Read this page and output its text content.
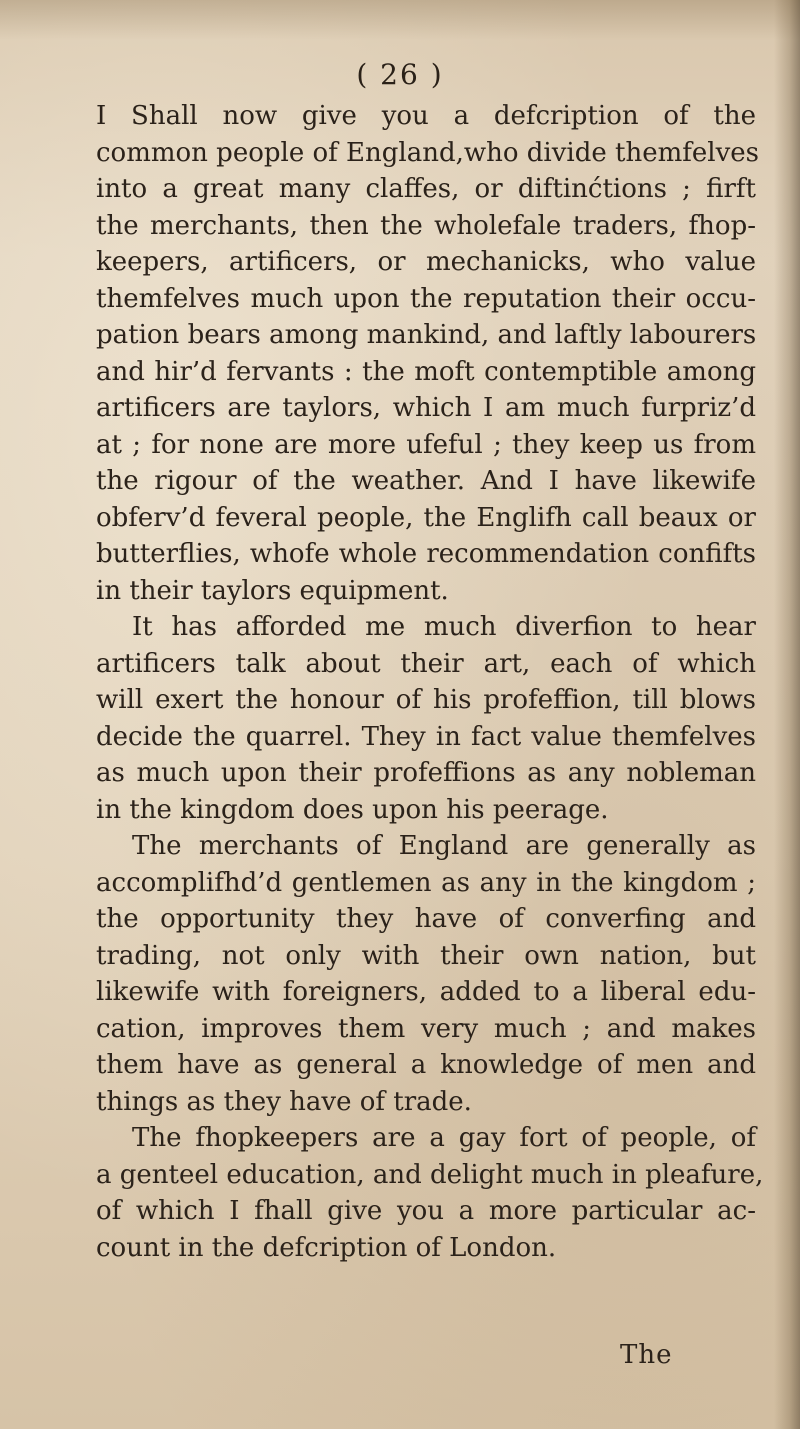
( 26 )
I Shall now give you a defcription of the
common people of England,who divide themfelves
into a great many claffes, or diftinćtions ; firft
the merchants, then the wholefale traders, fhop-
keepers, artificers, or mechanicks, who value
themfelves much upon the reputation their occu-
pation bears among mankind, and laftly labourers
and hir’d fervants : the moft contemptible among
artificers are taylors, which I am much furpriz’d
at ; for none are more ufeful ; they keep us from
the rigour of the weather. And I have likewife
obferv’d feveral people, the Englifh call beaux or
butterflies, whofe whole recommendation confifts
in their taylors equipment.
It has afforded me much diverfion to hear
artificers talk about their art, each of which
will exert the honour of his profeffion, till blows
decide the quarrel. They in fact value themfelves
as much upon their profeffions as any nobleman
in the kingdom does upon his peerage.
The merchants of England are generally as
accomplifhd’d gentlemen as any in the kingdom ;
the opportunity they have of converfing and
trading, not only with their own nation, but
likewife with foreigners, added to a liberal edu-
cation, improves them very much ; and makes
them have as general a knowledge of men and
things as they have of trade.
The fhopkeepers are a gay fort of people, of
a genteel education, and delight much in pleafure,
of which I fhall give you a more particular ac-
count in the defcription of London.
The
